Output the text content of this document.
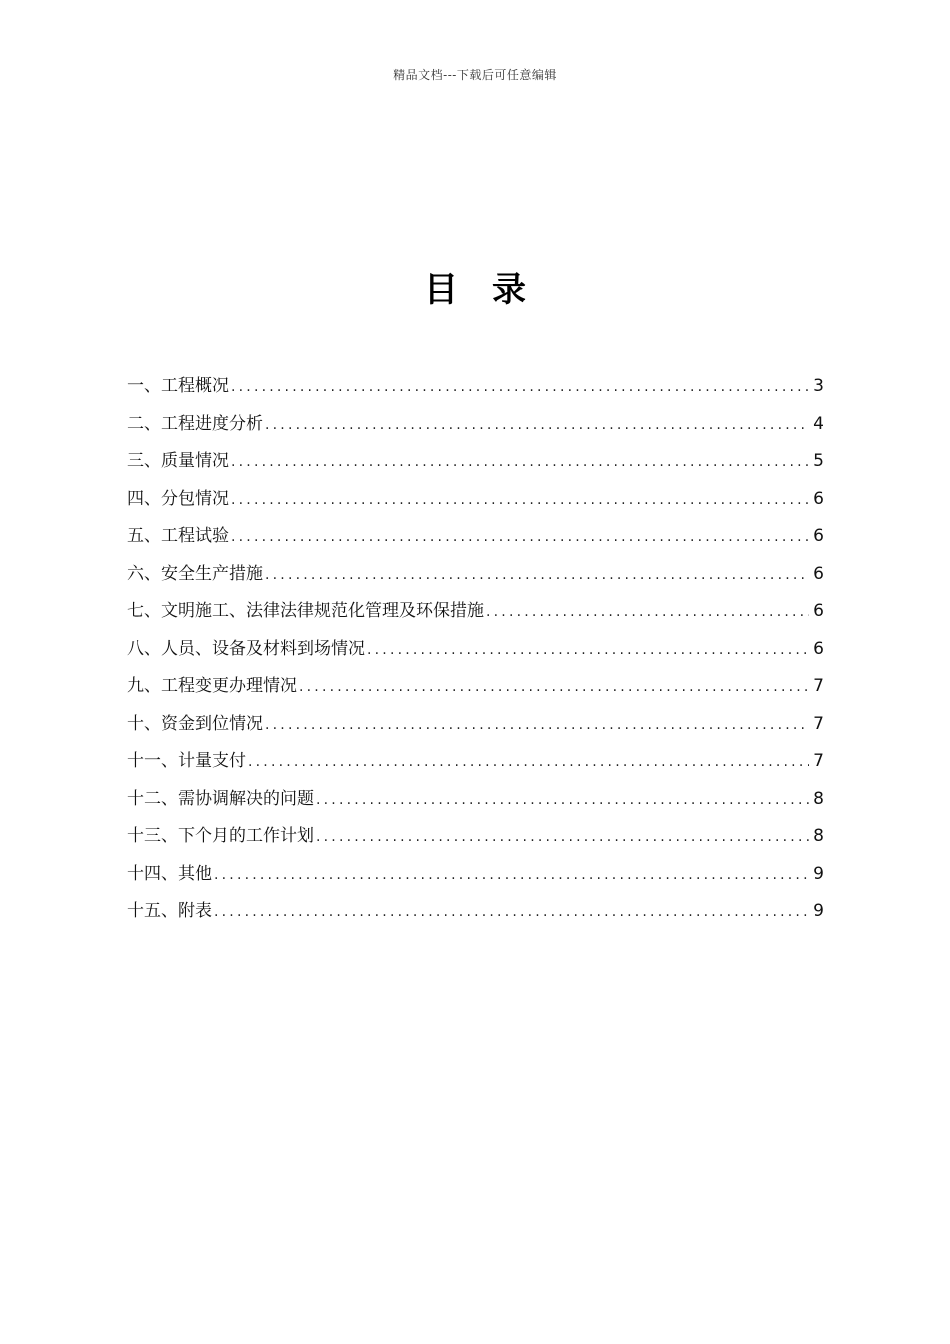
精品文档---下载后可任意编辑
目录
一、工程概况 .....	3
二、工程进度分析 .....	4
三、质量情况 .....	5
四、分包情况 .....	6
五、工程试验 .....	6
六、安全生产措施 .....	6
七、文明施工、法律法律规范化管理及环保措施 .....	6
八、人员、设备及材料到场情况 .....	6
九、工程变更办理情况 .....	7
十、资金到位情况 .....	7
十一、计量支付 .....	7
十二、需协调解决的问题 .....	8
十三、下个月的工作计划 .....	8
十四、其他 .....	9
十五、附表 .....	9
